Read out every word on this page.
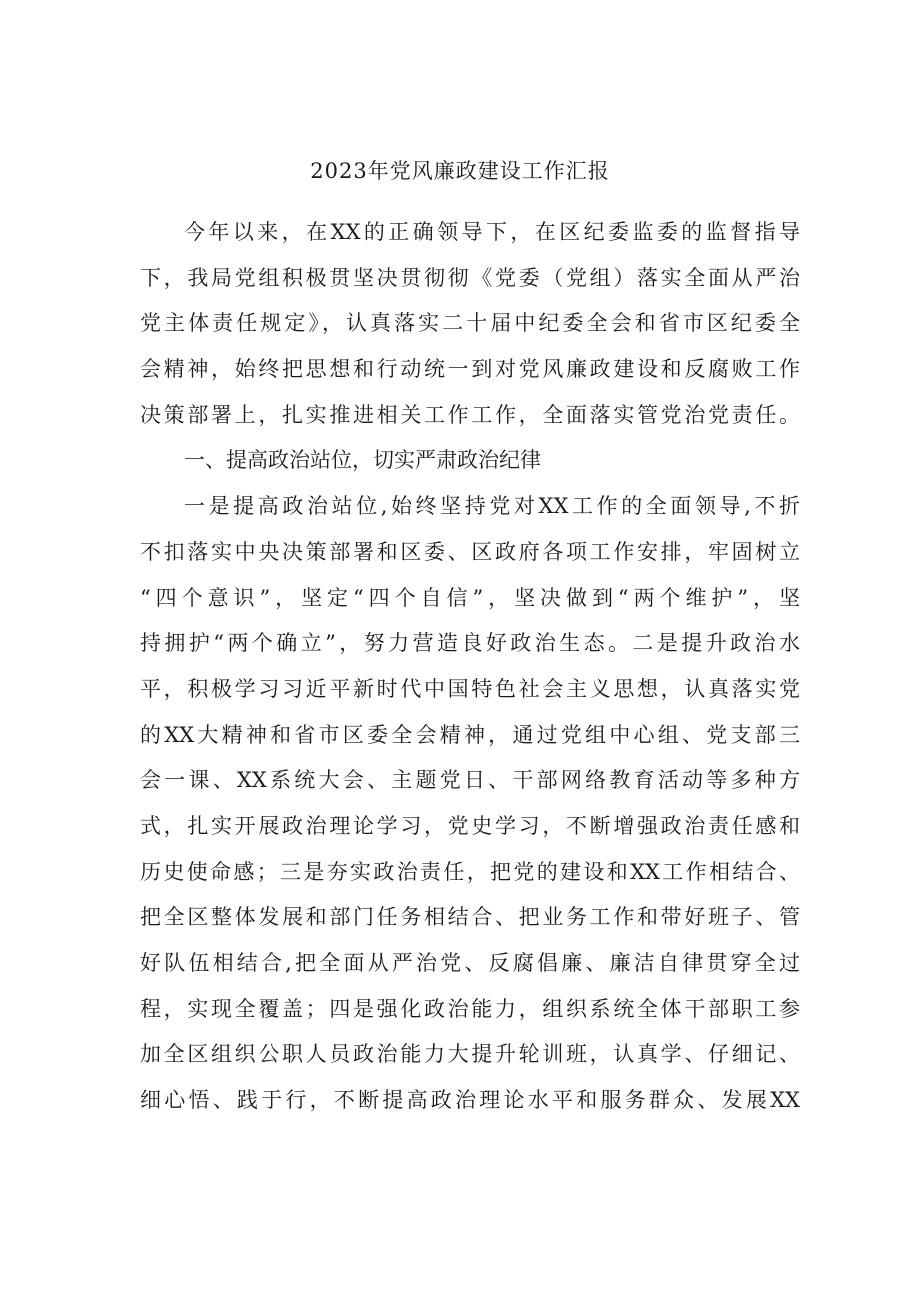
2023年党风廉政建设工作汇报
今年以来，在XX的正确领导下，在区纪委监委的监督指导
下，我局党组积极贯坚决贯彻彻《党委（党组）落实全面从严治
党主体责任规定》，认真落实二十届中纪委全会和省市区纪委全
会精神，始终把思想和行动统一到对党风廉政建设和反腐败工作
决策部署上，扎实推进相关工作工作，全面落实管党治党责任。
一、提高政治站位，切实严肃政治纪律
一是提高政治站位,始终坚持党对XX工作的全面领导,不折
不扣落实中央决策部署和区委、区政府各项工作安排，牢固树立
“四个意识”，坚定“四个自信”，坚决做到“两个维护”，坚
持拥护“两个确立”，努力营造良好政治生态。二是提升政治水
平，积极学习习近平新时代中国特色社会主义思想，认真落实党
的XX大精神和省市区委全会精神，通过党组中心组、党支部三
会一课、XX系统大会、主题党日、干部网络教育活动等多种方
式，扎实开展政治理论学习，党史学习，不断增强政治责任感和
历史使命感；三是夯实政治责任，把党的建设和XX工作相结合、
把全区整体发展和部门任务相结合、把业务工作和带好班子、管
好队伍相结合,把全面从严治党、反腐倡廉、廉洁自律贯穿全过
程，实现全覆盖；四是强化政治能力，组织系统全体干部职工参
加全区组织公职人员政治能力大提升轮训班，认真学、仔细记、
细心悟、践于行，不断提高政治理论水平和服务群众、发展XX
